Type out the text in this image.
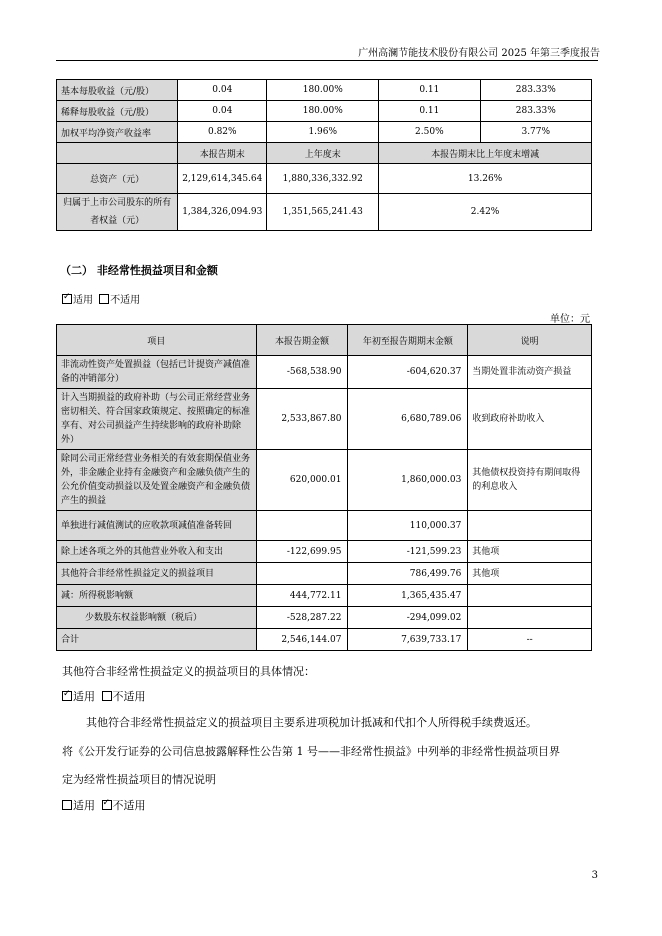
广州高澜节能技术股份有限公司 2025 年第三季度报告
基本每股收益（元/股）	0.04	180.00%	0.11	283.33%
稀释每股收益（元/股）	0.04	180.00%	0.11	283.33%
加权平均净资产收益率	0.82%	1.96%	2.50%	3.77%
	本报告期末	上年度末	本报告期末比上年度末增减	
总资产（元）	2,129,614,345.64	1,880,336,332.92	13.26%	
归属于上市公司股东的所有者权益（元）	1,384,326,094.93	1,351,565,241.43	2.42%	
（二） 非经常性损益项目和金额
✓适用 不适用
单位：元
项目	本报告期金额	年初至报告期期末金额	说明
非流动性资产处置损益（包括已计提资产减值准备的冲销部分）	-568,538.90	-604,620.37	当期处置非流动资产损益
计入当期损益的政府补助（与公司正常经营业务密切相关、符合国家政策规定、按照确定的标准享有、对公司损益产生持续影响的政府补助除外）	2,533,867.80	6,680,789.06	收到政府补助收入
除同公司正常经营业务相关的有效套期保值业务外，非金融企业持有金融资产和金融负债产生的公允价值变动损益以及处置金融资产和金融负债产生的损益	620,000.01	1,860,000.03	其他债权投资持有期间取得的利息收入
单独进行减值测试的应收款项减值准备转回		110,000.37	
除上述各项之外的其他营业外收入和支出	-122,699.95	-121,599.23	其他项
其他符合非经常性损益定义的损益项目		786,499.76	其他项
减：所得税影响额	444,772.11	1,365,435.47	
少数股东权益影响额（税后）	-528,287.22	-294,099.02	
合计	2,546,144.07	7,639,733.17	--
其他符合非经常性损益定义的损益项目的具体情况：
✓适用 不适用
其他符合非经常性损益定义的损益项目主要系进项税加计抵减和代扣个人所得税手续费返还。
将《公开发行证券的公司信息披露解释性公告第 1 号——非经常性损益》中列举的非经常性损益项目界
定为经常性损益项目的情况说明
适用 ✓ 不适用
3
